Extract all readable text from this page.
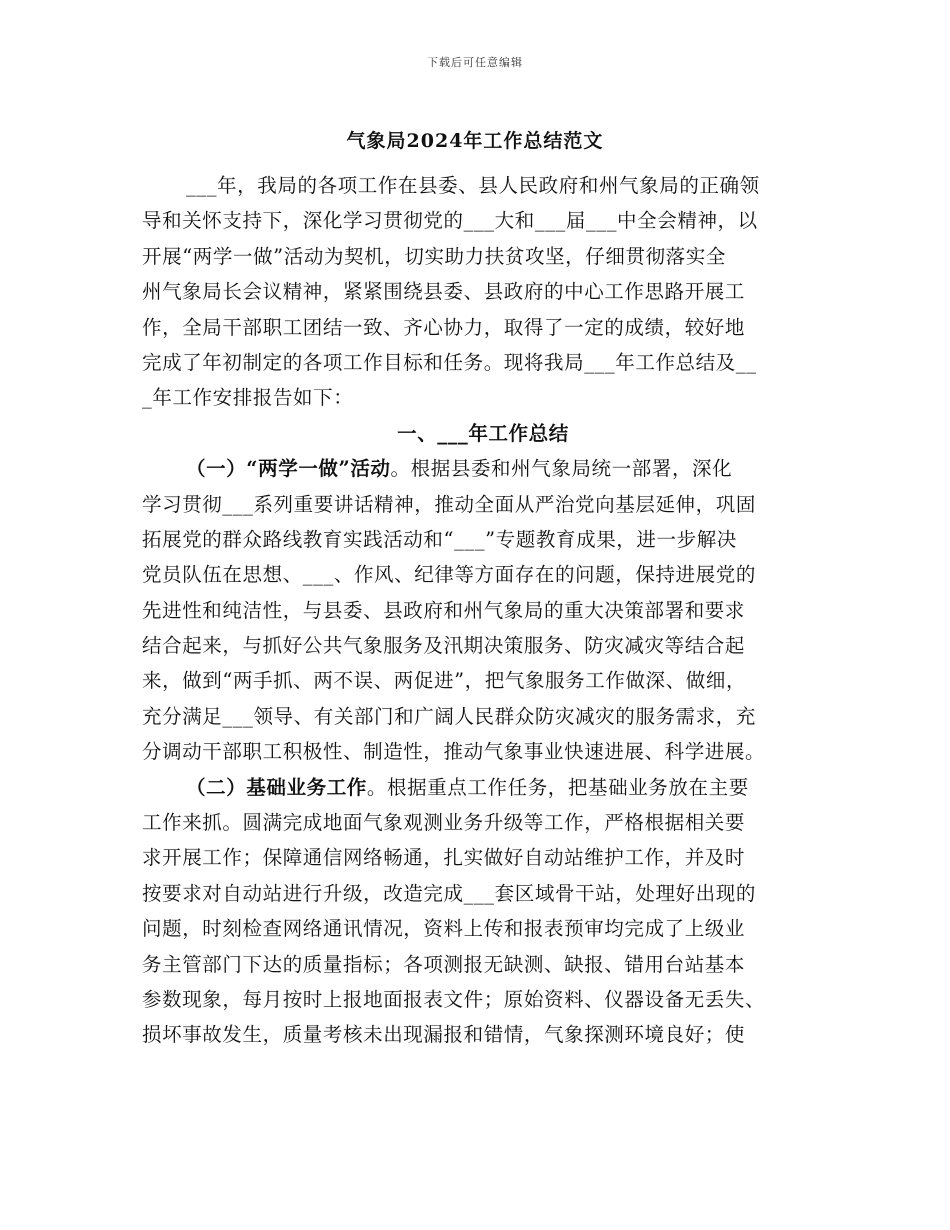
下载后可任意编辑
气象局2024年工作总结范文
___年，我局的各项工作在县委、县人民政府和州气象局的正确领
导和关怀支持下，深化学习贯彻党的___大和___届___中全会精神，以
开展“两学一做”活动为契机，切实助力扶贫攻坚，仔细贯彻落实全
州气象局长会议精神，紧紧围绕县委、县政府的中心工作思路开展工
作，全局干部职工团结一致、齐心协力，取得了一定的成绩，较好地
完成了年初制定的各项工作目标和任务。现将我局___年工作总结及__
_年工作安排报告如下：
一、___年工作总结
（一）“两学一做”活动。根据县委和州气象局统一部署，深化
学习贯彻___系列重要讲话精神，推动全面从严治党向基层延伸，巩固
拓展党的群众路线教育实践活动和“___”专题教育成果，进一步解决
党员队伍在思想、___、作风、纪律等方面存在的问题，保持进展党的
先进性和纯洁性，与县委、县政府和州气象局的重大决策部署和要求
结合起来，与抓好公共气象服务及汛期决策服务、防灾减灾等结合起
来，做到“两手抓、两不误、两促进”，把气象服务工作做深、做细，
充分满足___领导、有关部门和广阔人民群众防灾减灾的服务需求，充
分调动干部职工积极性、制造性，推动气象事业快速进展、科学进展。
（二）基础业务工作。根据重点工作任务，把基础业务放在主要
工作来抓。圆满完成地面气象观测业务升级等工作，严格根据相关要
求开展工作；保障通信网络畅通，扎实做好自动站维护工作，并及时
按要求对自动站进行升级，改造完成___套区域骨干站，处理好出现的
问题，时刻检查网络通讯情况，资料上传和报表预审均完成了上级业
务主管部门下达的质量指标；各项测报无缺测、缺报、错用台站基本
参数现象，每月按时上报地面报表文件；原始资料、仪器设备无丢失、
损坏事故发生，质量考核未出现漏报和错情，气象探测环境良好；使
